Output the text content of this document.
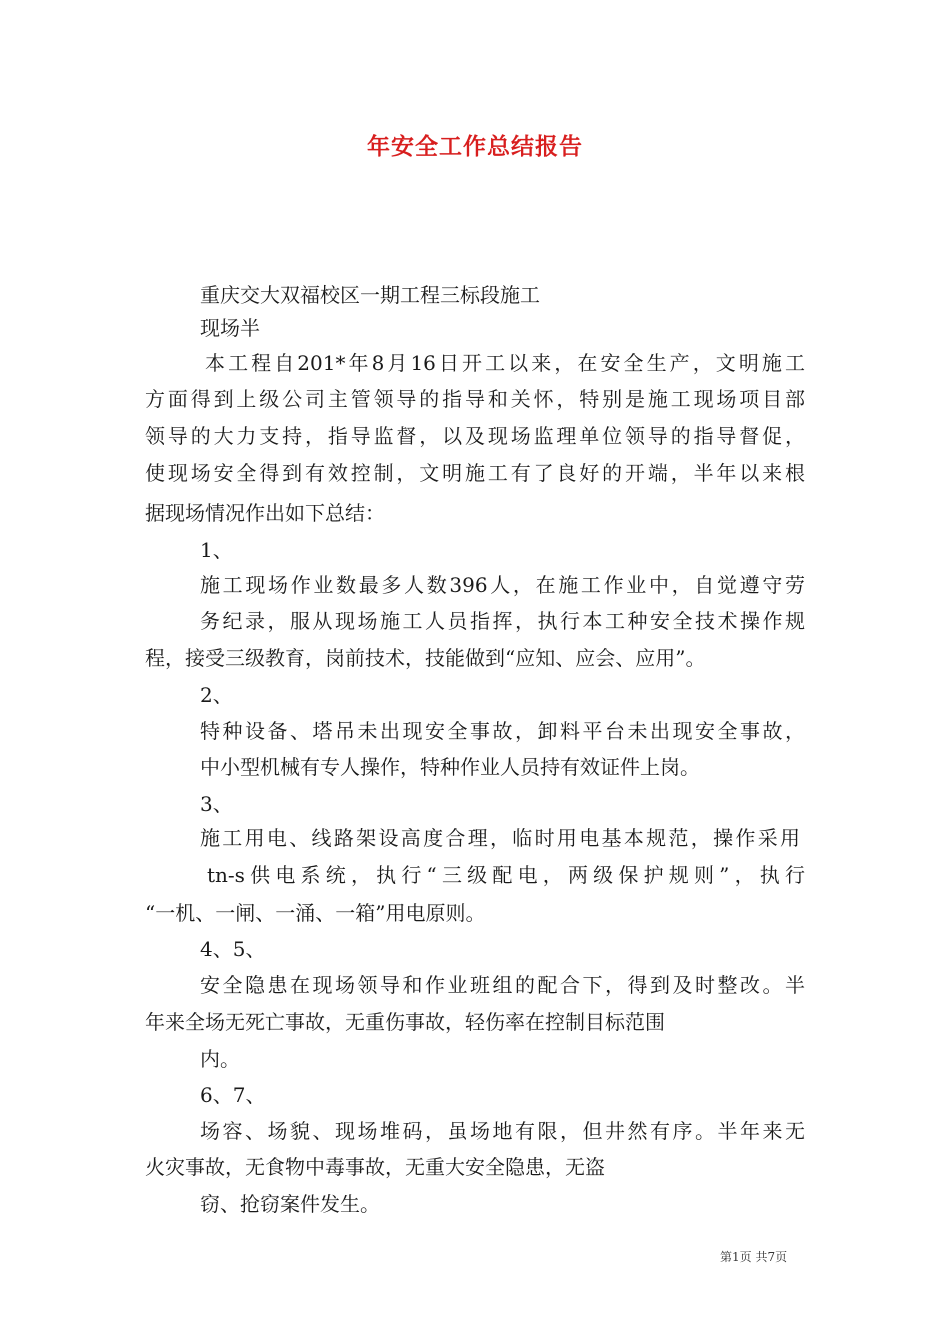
年安全工作总结报告
重庆交大双福校区一期工程三标段施工
现场半
本工程自201*年8月16日开工以来，在安全生产，文明施工
方面得到上级公司主管领导的指导和关怀，特别是施工现场项目部
领导的大力支持，指导监督，以及现场监理单位领导的指导督促，
使现场安全得到有效控制，文明施工有了良好的开端，半年以来根
据现场情况作出如下总结：
1、
施工现场作业数最多人数396人，在施工作业中，自觉遵守劳
务纪录，服从现场施工人员指挥，执行本工种安全技术操作规
程，接受三级教育，岗前技术，技能做到“应知、应会、应用”。
2、
特种设备、塔吊未出现安全事故，卸料平台未出现安全事故，
中小型机械有专人操作，特种作业人员持有效证件上岗。
3、
施工用电、线路架设高度合理，临时用电基本规范，操作采用
tn-s供电系统，执行“三级配电，两级保护规则”，执行
“一机、一闸、一涌、一箱”用电原则。
4、5、
安全隐患在现场领导和作业班组的配合下，得到及时整改。半
年来全场无死亡事故，无重伤事故，轻伤率在控制目标范围
内。
6、7、
场容、场貌、现场堆码，虽场地有限，但井然有序。半年来无
火灾事故，无食物中毒事故，无重大安全隐患，无盗
窃、抢窃案件发生。
第1页 共7页
